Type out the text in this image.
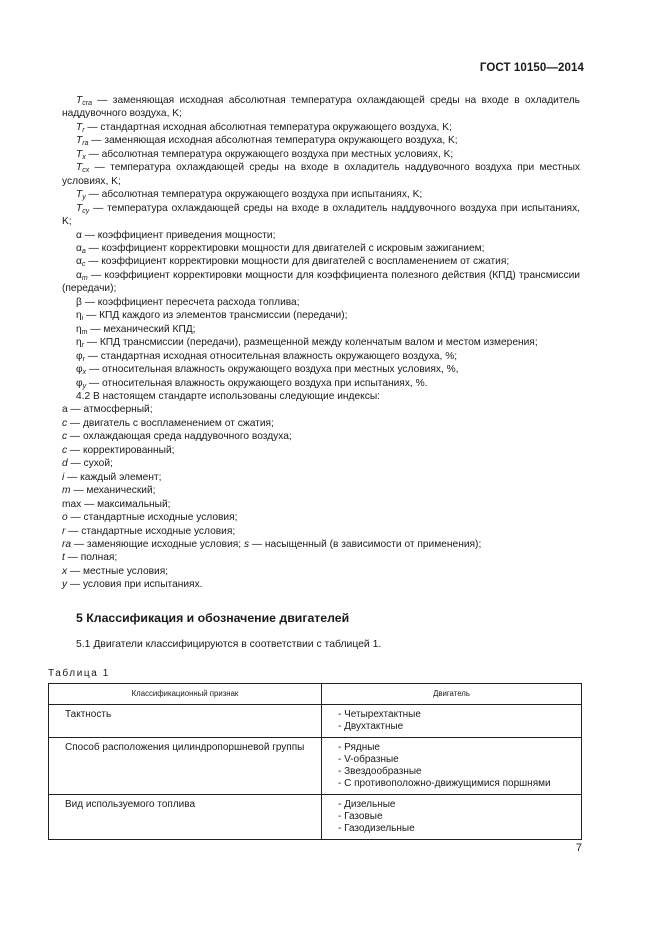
ГОСТ 10150—2014

$T_{cra}$ — заменяющая исходная абсолютная температура охлаждающей среды на входе в охладитель наддувочного воздуха, K;

$T_r$ — стандартная исходная абсолютная температура окружающего воздуха, K;

$T_{ra}$ — заменяющая исходная абсолютная температура окружающего воздуха, K;

$T_x$ — абсолютная температура окружающего воздуха при местных условиях, K;

$T_{cx}$ — температура охлаждающей среды на входе в охладитель наддувочного воздуха при местных условиях, K;

$T_y$ — абсолютная температура окружающего воздуха при испытаниях, K;

$T_{cy}$ — температура охлаждающей среды на входе в охладитель наддувочного воздуха при испытаниях, K;

α — коэффициент приведения мощности;

$\alpha_a$ — коэффициент корректировки мощности для двигателей с искровым зажиганием;

$\alpha_c$ — коэффициент корректировки мощности для двигателей с воспламенением от сжатия;

$\alpha_m$ — коэффициент корректировки мощности для коэффициента полезного действия (КПД) трансмиссии (передачи);

β — коэффициент пересчета расхода топлива;

$\eta_i$ — КПД каждого из элементов трансмиссии (передачи);

$\eta_m$ — механический КПД;

$\eta_r$ — КПД трансмиссии (передачи), размещенной между коленчатым валом и местом измерения;

$\varphi_r$ — стандартная исходная относительная влажность окружающего воздуха, %;

$\varphi_x$ — относительная влажность окружающего воздуха при местных условиях, %,

$\varphi_y$ — относительная влажность окружающего воздуха при испытаниях, %.

4.2 В настоящем стандарте использованы следующие индексы:

a — атмосферный;

c — двигатель с воспламенением от сжатия;

c — охлаждающая среда наддувочного воздуха;

c — корректированный;

d — сухой;

i — каждый элемент;

m — механический;

max — максимальный;

o — стандартные исходные условия;

r — стандартные исходные условия;

ra — заменяющие исходные условия; s — насыщенный (в зависимости от применения);

t — полная;

x — местные условия;

y — условия при испытаниях.

5 Классификация и обозначение двигателей
5.1 Двигатели классифицируются в соответствии с таблицей 1.
Таблица 1
Классификационный признак	Двигатель
Тактность	- Четырехтактные
- Двухтактные

Способ расположения цилиндропоршневой группы	- Рядные
- V-образные
- Звездообразные
- С противоположно-движущимися поршнями

Вид используемого топлива	- Дизельные
- Газовые
- Газодизельные
7
